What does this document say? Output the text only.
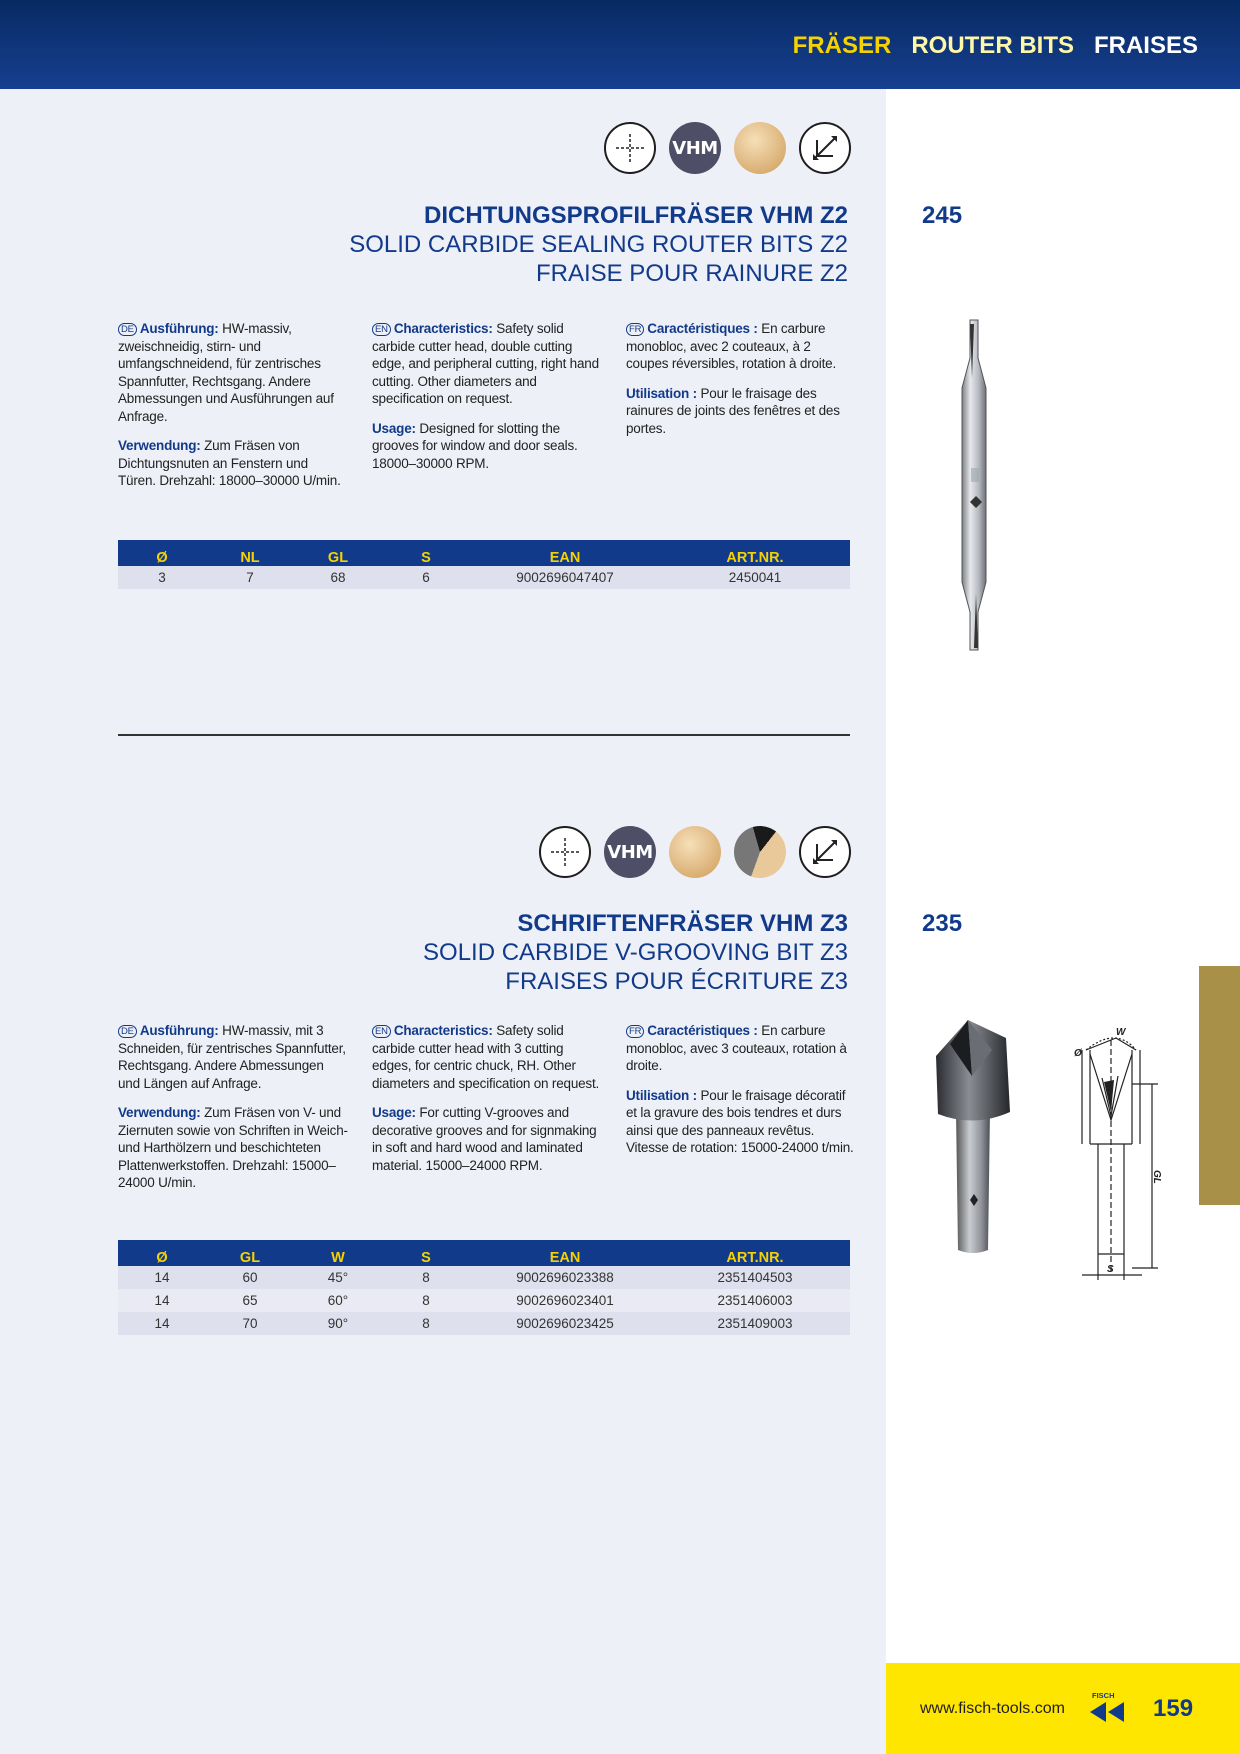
FRÄSER ROUTER BITS FRAISES
VHM
DICHTUNGSPROFILFRÄSER VHM Z2
SOLID CARBIDE SEALING ROUTER BITS Z2
FRAISE POUR RAINURE Z2
245

DE Ausführung: HW-massiv, zweischneidig, stirn- und umfangschneidend, für zentrisches Spannfutter, Rechtsgang. Andere Abmessungen und Ausführungen auf Anfrage.

Verwendung: Zum Fräsen von Dichtungsnuten an Fenstern und Türen. Drehzahl: 18000–30000 U/min.

EN Characteristics: Safety solid carbide cutter head, double cutting edge, and peripheral cutting, right hand cutting. Other diameters and specification on request.

Usage: Designed for slotting the grooves for window and door seals. 18000–30000 RPM.

FR Caractéristiques : En carbure monobloc, avec 2 couteaux, à 2 coupes réversibles, rotation à droite.

Utilisation : Pour le fraisage des rainures de joints des fenêtres et des portes.

Ø	NL	GL	S	EAN	ART.NR.
3	7	68	6	9002696047407	2450041
VHM
SCHRIFTENFRÄSER VHM Z3
SOLID CARBIDE V-GROOVING BIT Z3
FRAISES POUR ÉCRITURE Z3
235

DE Ausführung: HW-massiv, mit 3 Schneiden, für zentrisches Spannfutter, Rechtsgang. Andere Abmessungen und Längen auf Anfrage.

Verwendung: Zum Fräsen von V- und Ziernuten sowie von Schriften in Weich- und Harthölzern und beschichteten Plattenwerkstoffen. Drehzahl: 15000–24000 U/min.

EN Characteristics: Safety solid carbide cutter head with 3 cutting edges, for centric chuck, RH. Other diameters and specification on request.

Usage: For cutting V-grooves and decorative grooves and for signmaking in soft and hard wood and laminated material. 15000–24000 RPM.

FR Caractéristiques : En carbure monobloc, avec 3 couteaux, rotation à droite.

Utilisation : Pour le fraisage décoratif et la gravure des bois tendres et durs ainsi que des panneaux revêtus. Vitesse de rotation: 15000-24000 t/min.

Ø	GL	W	S	EAN	ART.NR.
14	60	45°	8	9002696023388	2351404503
14	65	60°	8	9002696023401	2351406003
14	70	90°	8	9002696023425	2351409003
W
Ø
GL
S
www.fisch-tools.com
FISCH 159
